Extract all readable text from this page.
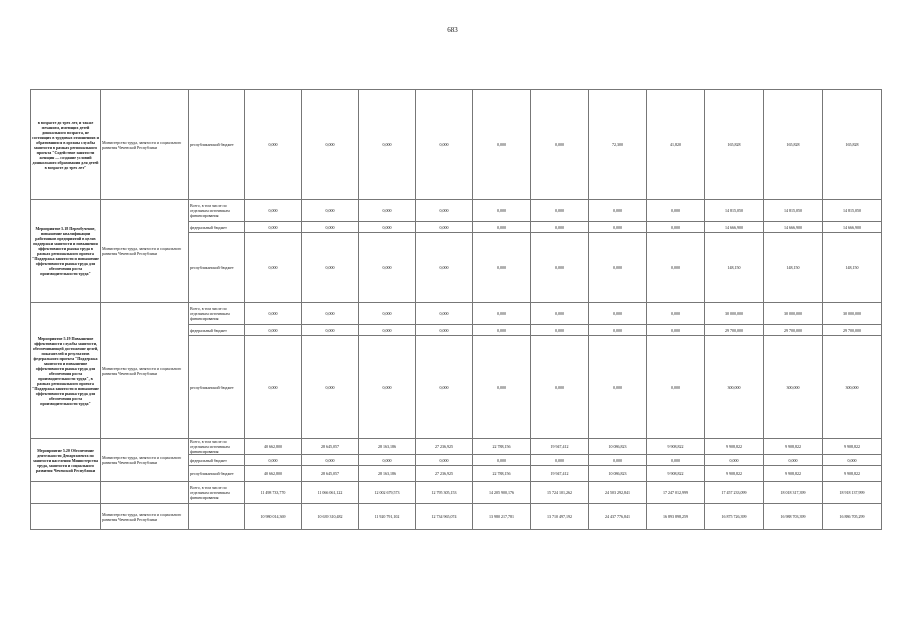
683
в возрасте до трех лет, и также механизм, имеющих детей дошкольного возраста, не состоящих в трудовых отношениях и обратившихся в органы службы занятости в рамках регионального проекта "Содействие занятости женщин — создание условий дошкольного образования для детей в возрасте до трех лет"	Министерство труда, занятости и социального развития Чеченской Республики	республиканский бюджет	0,000	0,000	0,000	0,000	0,000	0,000	72,300	41,820	165,828	165,828	165,828
Мероприятие 5.18 Переобучение, повышение квалификации работников предприятий в целях поддержки занятости и повышения эффективности рынка труда в рамках регионального проекта "Поддержка занятости и повышение эффективности рынка труда для обеспечения роста производительности труда"	Министерство труда, занятости и социального развития Чеченской Республики	Всего, в том числе по отдельным источникам финансирования	0,000	0,000	0,000	0,000	0,000	0,000	0,000	0,000	14 815,050	14 815,050	14 815,050
		федеральный бюджет	0,000	0,000	0,000	0,000	0,000	0,000	0,000	0,000	14 666,900	14 666,900	14 666,900
		республиканский бюджет	0,000	0,000	0,000	0,000	0,000	0,000	0,000	0,000	148,150	148,150	148,150
Мероприятие 5.19 Повышение эффективности службы занятости, обеспечивающей достижение целей, показателей и результатов федерального проекта "Поддержка занятости и повышение эффективности рынка труда для обеспечения роста производительности труда", в рамках регионального проекта "Поддержка занятости и повышение эффективности рынка труда для обеспечения роста производительности труда"	Министерство труда, занятости и социального развития Чеченской Республики	Всего, в том числе по отдельным источникам финансирования	0,000	0,000	0,000	0,000	0,000	0,000	0,000	0,000	30 000,000	30 000,000	30 000,000
		федеральный бюджет	0,000	0,000	0,000	0,000	0,000	0,000	0,000	0,000	29 700,000	29 700,000	29 700,000
		республиканский бюджет	0,000	0,000	0,000	0,000	0,000	0,000	0,000	0,000	300,000	300,000	300,000
Мероприятие 5.20 Обеспечение деятельности Департамента по занятости населения Министерства труда, занятости и социального развития Чеченской Республики	Министерство труда, занятости и социального развития Чеченской Республики	Всего, в том числе по отдельным источникам финансирования	40 662,800	28 645,057	28 163,186	27 236,925	22 788,156	19 947,412	10 086,823	9 908,822	9 908,822	9 908,822	9 908,822
		федеральный бюджет	0,000	0,000	0,000	0,000	0,000	0,000	0,000	0,000	0,000	0,000	0,000
		республиканский бюджет	40 662,800	28 645,057	28 163,186	27 236,925	22 788,156	19 947,412	10 086,823	9 908,822	9 908,822	9 908,822	9 908,822
		Всего, в том числе по отдельным источникам финансирования	11 498 733,770	11 066 061,122	12 002 679,573	12 795 305,153	14 205 900,176	15 724 101,262	24 503 292,841	17 247 012,999	17 457 233,099	18 018 317,399	18 918 137,999
	Министерство труда, занятости и социального развития Чеченской Республики		10 980 014,369	10 639 310,482	11 920 791,102	12 734 965,074	13 980 217,781	13 710 497,192	24 437 776,841	16 893 898,259	16 875 726,399	16 988 703,399	16 886 705,299
